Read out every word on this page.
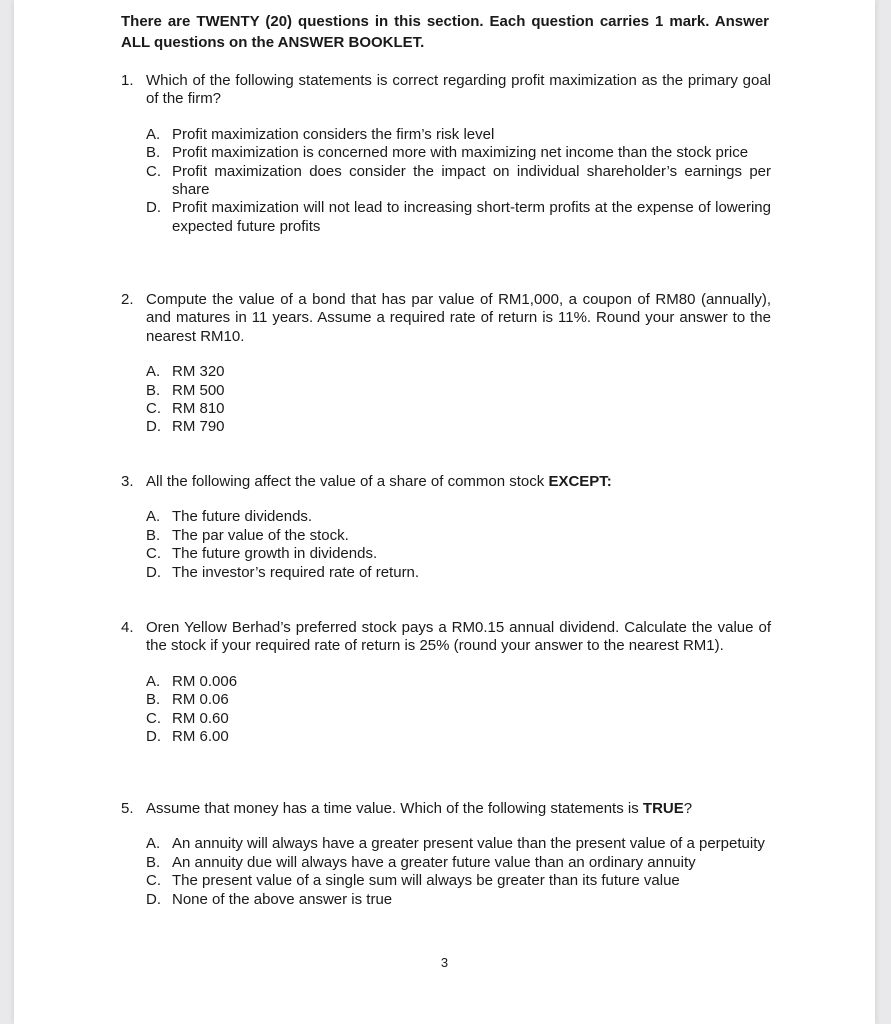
There are TWENTY (20) questions in this section. Each question carries 1 mark. Answer ALL questions on the ANSWER BOOKLET.
1. Which of the following statements is correct regarding profit maximization as the primary goal of the firm?
A. Profit maximization considers the firm’s risk level
B. Profit maximization is concerned more with maximizing net income than the stock price
C. Profit maximization does consider the impact on individual shareholder’s earnings per share
D. Profit maximization will not lead to increasing short-term profits at the expense of lowering expected future profits
2. Compute the value of a bond that has par value of RM1,000, a coupon of RM80 (annually), and matures in 11 years. Assume a required rate of return is 11%. Round your answer to the nearest RM10.
A. RM 320
B. RM 500
C. RM 810
D. RM 790
3. All the following affect the value of a share of common stock EXCEPT:
A. The future dividends.
B. The par value of the stock.
C. The future growth in dividends.
D. The investor’s required rate of return.
4. Oren Yellow Berhad’s preferred stock pays a RM0.15 annual dividend. Calculate the value of the stock if your required rate of return is 25% (round your answer to the nearest RM1).
A. RM 0.006
B. RM 0.06
C. RM 0.60
D. RM 6.00
5. Assume that money has a time value. Which of the following statements is TRUE?
A. An annuity will always have a greater present value than the present value of a perpetuity
B. An annuity due will always have a greater future value than an ordinary annuity
C. The present value of a single sum will always be greater than its future value
D. None of the above answer is true
3
